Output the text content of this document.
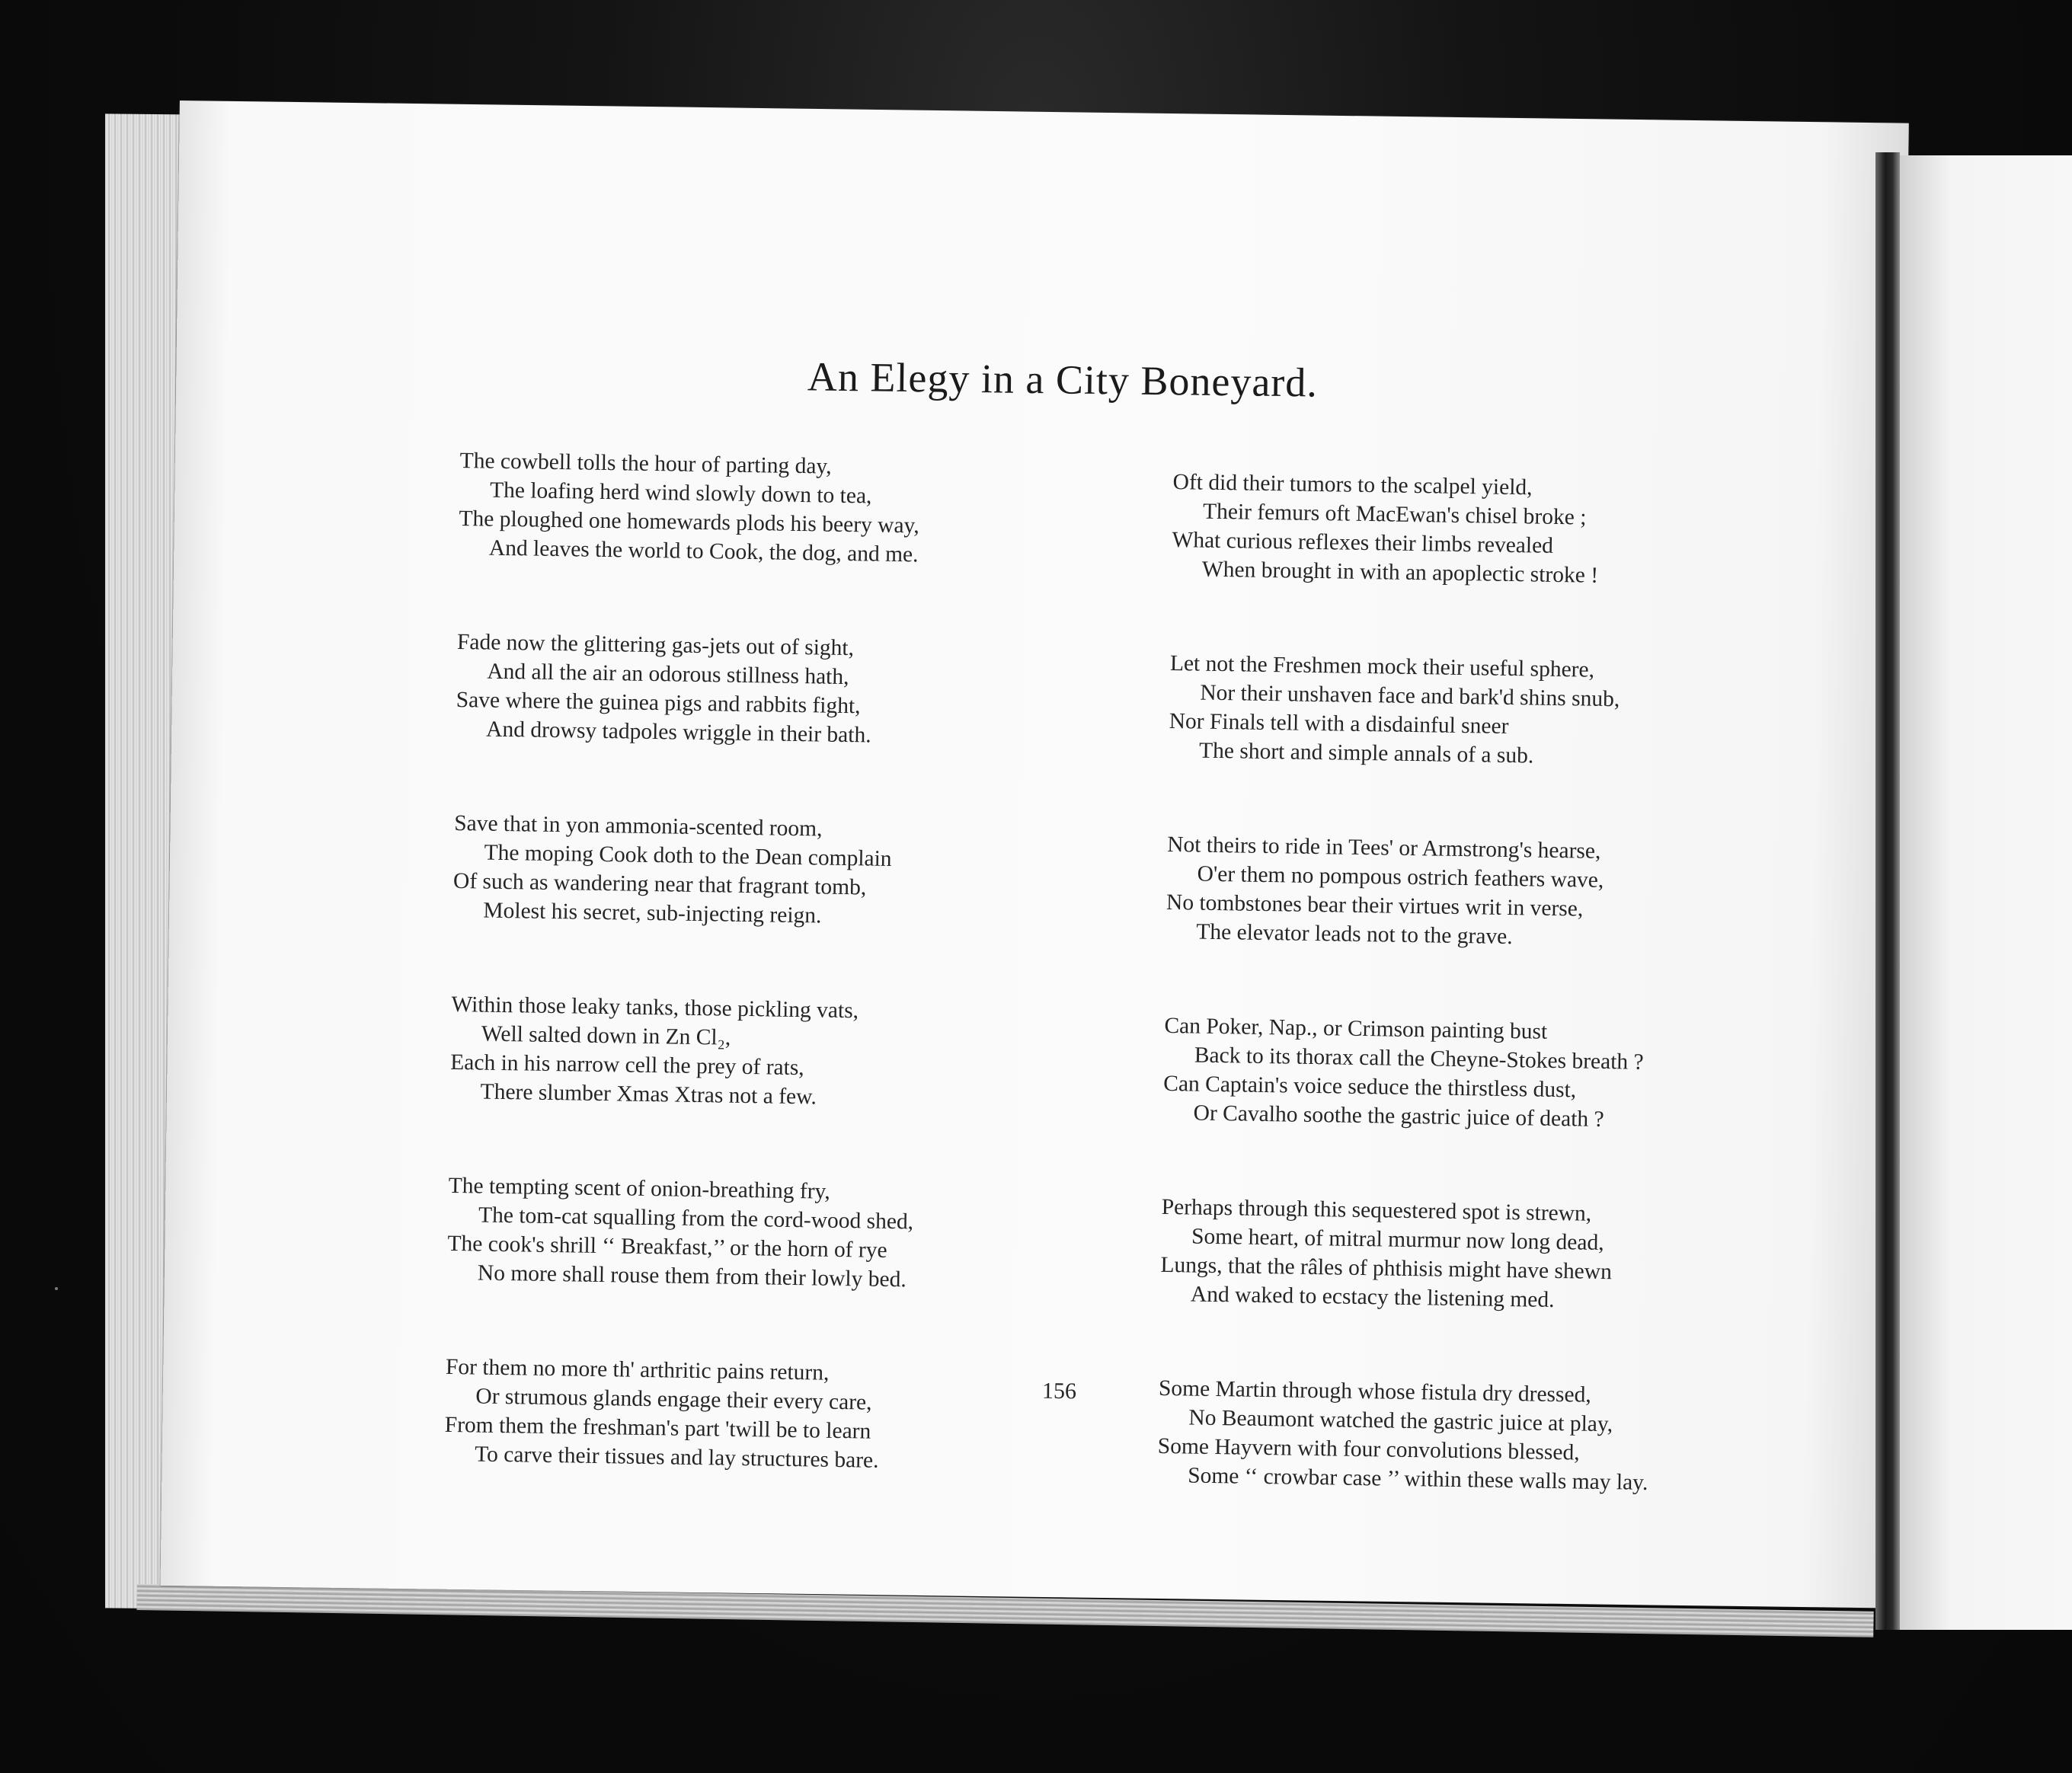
An Elegy in a City Boneyard.
The cowbell tolls the hour of parting day,
The loafing herd wind slowly down to tea,
The ploughed one homewards plods his beery way,
And leaves the world to Cook, the dog, and me.
Fade now the glittering gas-jets out of sight,
And all the air an odorous stillness hath,
Save where the guinea pigs and rabbits fight,
And drowsy tadpoles wriggle in their bath.
Save that in yon ammonia-scented room,
The moping Cook doth to the Dean complain
Of such as wandering near that fragrant tomb,
Molest his secret, sub-injecting reign.
Within those leaky tanks, those pickling vats,
Well salted down in Zn Cl₂,
Each in his narrow cell the prey of rats,
There slumber Xmas Xtras not a few.
The tempting scent of onion-breathing fry,
The tom-cat squalling from the cord-wood shed,
The cook's shrill ‘‘ Breakfast,’’ or the horn of rye
No more shall rouse them from their lowly bed.
For them no more th' arthritic pains return,
Or strumous glands engage their every care,
From them the freshman's part 'twill be to learn
To carve their tissues and lay structures bare.
Oft did their tumors to the scalpel yield,
Their femurs oft MacEwan's chisel broke ;
What curious reflexes their limbs revealed
When brought in with an apoplectic stroke !
Let not the Freshmen mock their useful sphere,
Nor their unshaven face and bark'd shins snub,
Nor Finals tell with a disdainful sneer
The short and simple annals of a sub.
Not theirs to ride in Tees' or Armstrong's hearse,
O'er them no pompous ostrich feathers wave,
No tombstones bear their virtues writ in verse,
The elevator leads not to the grave.
Can Poker, Nap., or Crimson painting bust
Back to its thorax call the Cheyne-Stokes breath ?
Can Captain's voice seduce the thirstless dust,
Or Cavalho soothe the gastric juice of death ?
Perhaps through this sequestered spot is strewn,
Some heart, of mitral murmur now long dead,
Lungs, that the râles of phthisis might have shewn
And waked to ecstacy the listening med.
Some Martin through whose fistula dry dressed,
No Beaumont watched the gastric juice at play,
Some Hayvern with four convolutions blessed,
Some ‘‘ crowbar case ’’ within these walls may lay.
156
